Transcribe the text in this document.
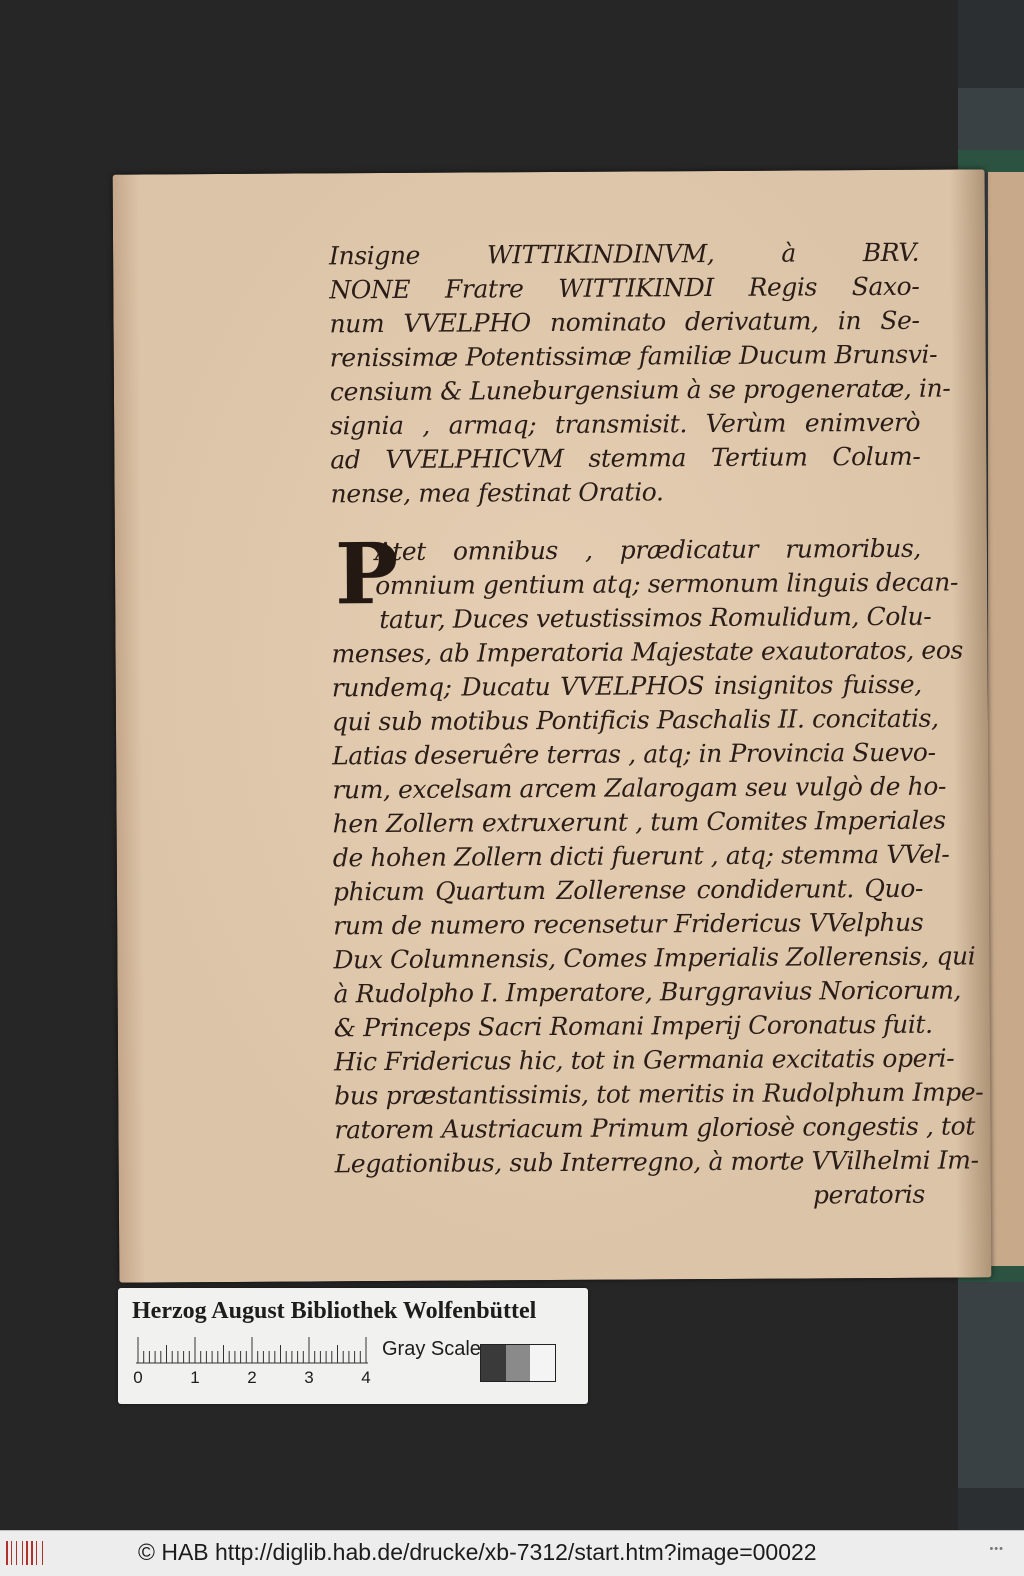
Insigne WITTIKINDINVM, à BRV.
NONE Fratre WITTIKINDI Regis Saxo-
num VVELPHO nominato derivatum, in Se-
renissimæ Potentissimæ familiæ Ducum Brunsvi-
censium & Luneburgensium à se progeneratæ, in-
signia , armaq; transmisit. Verùm enimverò
ad VVELPHICVM stemma Tertium Colum-
nense, mea festinat Oratio.
P
Atet omnibus , prædicatur rumoribus,
omnium gentium atq; sermonum linguis decan-
tatur, Duces vetustissimos Romulidum, Colu-
menses, ab Imperatoria Majestate exautoratos, eos
rundemq; Ducatu VVELPHOS insignitos fuisse,
qui sub motibus Pontificis Paschalis II. concitatis,
Latias deseruêre terras , atq; in Provincia Suevo-
rum, excelsam arcem Zalarogam seu vulgò de ho-
hen Zollern extruxerunt , tum Comites Imperiales
de hohen Zollern dicti fuerunt , atq; stemma VVel-
phicum Quartum Zollerense condiderunt. Quo-
rum de numero recensetur Fridericus VVelphus
Dux Columnensis, Comes Imperialis Zollerensis, qui
à Rudolpho I. Imperatore, Burggravius Noricorum,
& Princeps Sacri Romani Imperij Coronatus fuit.
Hic Fridericus hic, tot in Germania excitatis operi-
bus præstantissimis, tot meritis in Rudolphum Impe-
ratorem Austriacum Primum gloriosè congestis , tot
Legationibus, sub Interregno, à morte VVilhelmi Im-
peratoris
Herzog August Bibliothek Wolfenbüttel
0	1	2	3	4
Gray Scale
© HAB http://diglib.hab.de/drucke/xb-7312/start.htm?image=00022	•••
